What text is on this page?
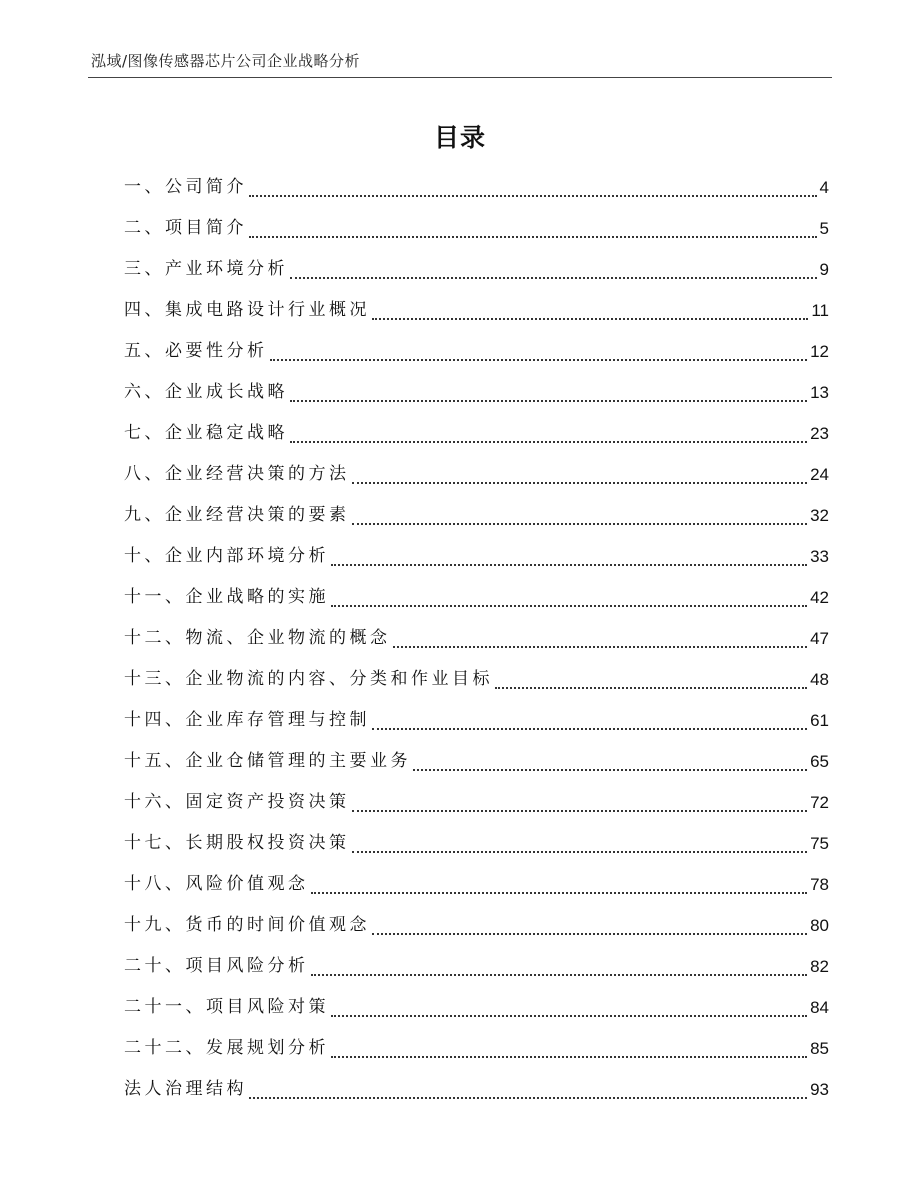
泓域/图像传感器芯片公司企业战略分析
目录
一、 公司简介	4
二、 项目简介	5
三、 产业环境分析	9
四、 集成电路设计行业概况	11
五、 必要性分析	12
六、 企业成长战略	13
七、 企业稳定战略	23
八、 企业经营决策的方法	24
九、 企业经营决策的要素	32
十、 企业内部环境分析	33
十一、 企业战略的实施	42
十二、 物流、企业物流的概念	47
十三、 企业物流的内容、分类和作业目标	48
十四、 企业库存管理与控制	61
十五、 企业仓储管理的主要业务	65
十六、 固定资产投资决策	72
十七、 长期股权投资决策	75
十八、 风险价值观念	78
十九、 货币的时间价值观念	80
二十、 项目风险分析	82
二十一、 项目风险对策	84
二十二、 发展规划分析	85
法人治理结构	93
